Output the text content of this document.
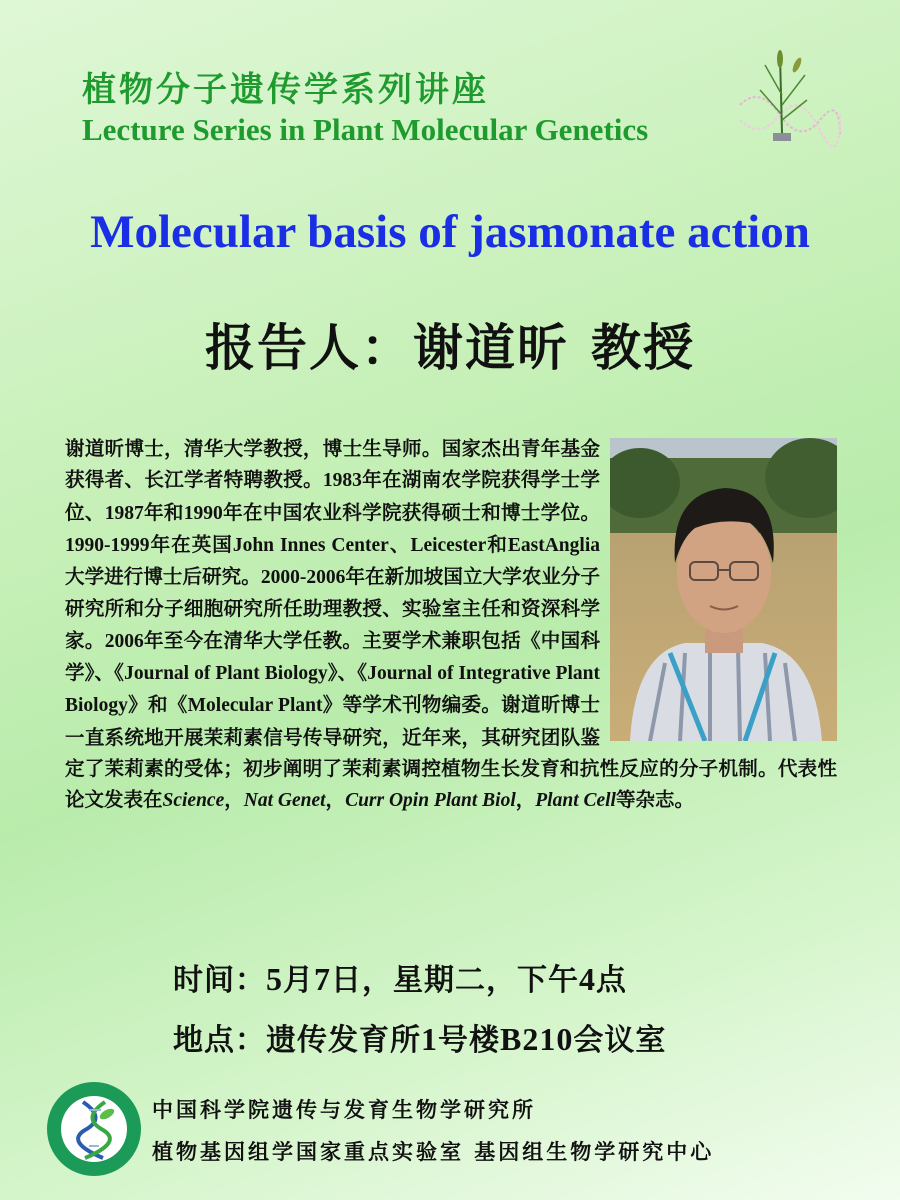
植物分子遗传学系列讲座
Lecture Series in Plant Molecular Genetics
Molecular basis of jasmonate action
报告人：谢道昕 教授
谢道昕博士，清华大学教授，博士生导师。国家杰出青年基金获得者、长江学者特聘教授。1983年在湖南农学院获得学士学位、1987年和1990年在中国农业科学院获得硕士和博士学位。1990-1999年在英国John Innes Center、Leicester和EastAnglia大学进行博士后研究。2000-2006年在新加坡国立大学农业分子研究所和分子细胞研究所任助理教授、实验室主任和资深科学家。2006年至今在清华大学任教。主要学术兼职包括《中国科学》、《Journal of Plant Biology》、《Journal of Integrative Plant Biology》和《Molecular Plant》等学术刊物编委。谢道昕博士一直系统地开展茉莉素信号传导研究，近年来，其研究团队鉴定了茉莉素的受体；初步阐明了茉莉素调控植物生长发育和抗性反应的分子机制。代表性论文发表在Science，Nat Genet，Curr Opin Plant Biol，Plant Cell等杂志。
时间：5月7日，星期二，下午4点
地点：遗传发育所1号楼B210会议室
中国科学院遗传与发育生物学研究所
植物基因组学国家重点实验室 基因组生物学研究中心
